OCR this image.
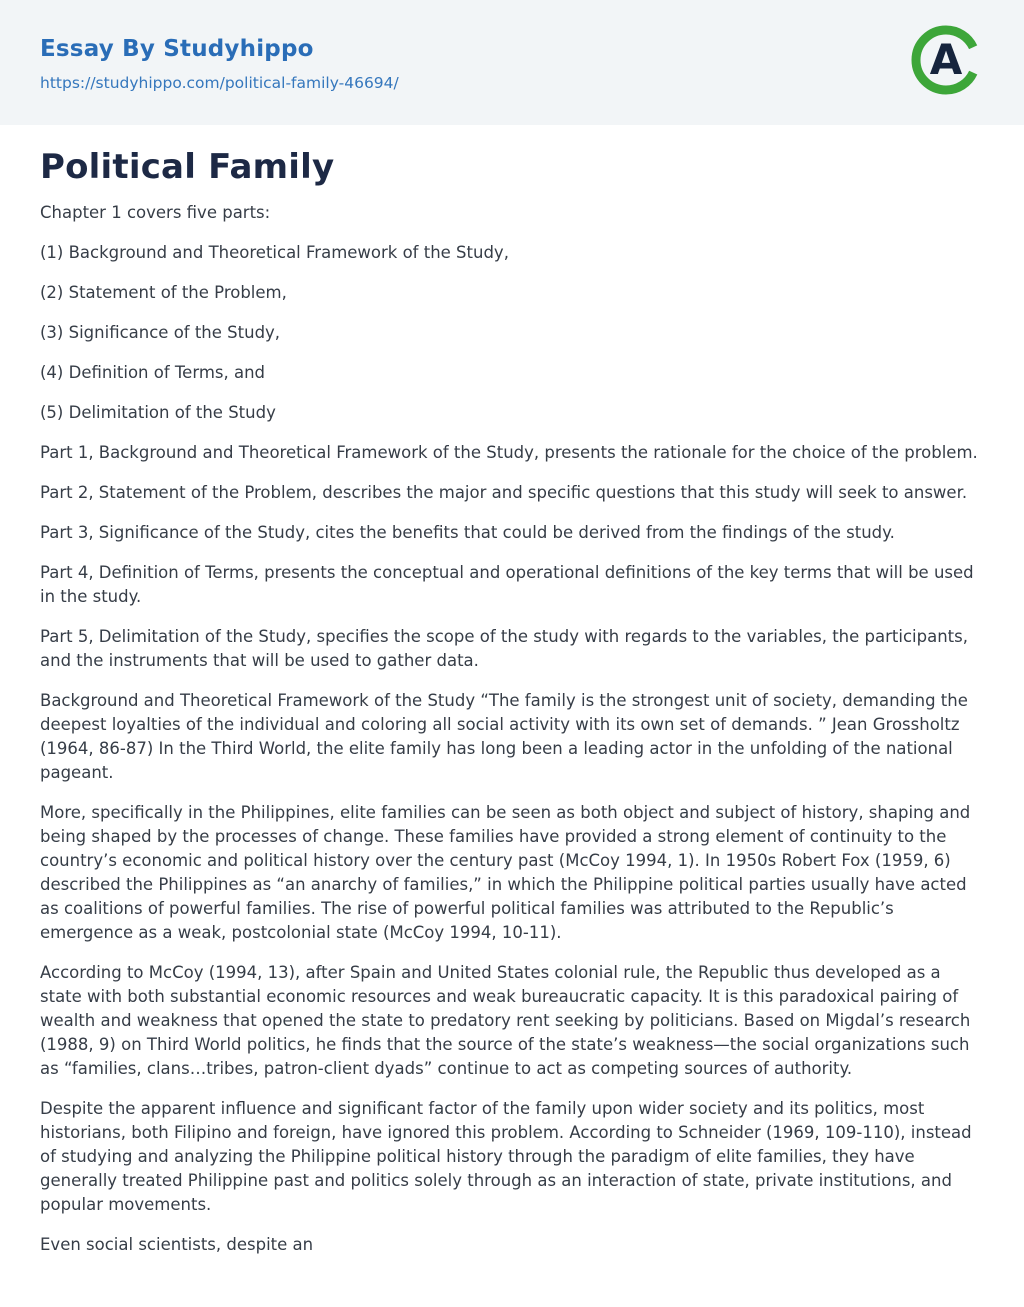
Essay By Studyhippo
https://studyhippo.com/political-family-46694/	A
Political Family

Chapter 1 covers five parts:

(1) Background and Theoretical Framework of the Study,

(2) Statement of the Problem,

(3) Significance of the Study,

(4) Definition of Terms, and

(5) Delimitation of the Study

Part 1, Background and Theoretical Framework of the Study, presents the rationale for the choice of the problem.

Part 2, Statement of the Problem, describes the major and specific questions that this study will seek to answer.

Part 3, Significance of the Study, cites the benefits that could be derived from the findings of the study.

Part 4, Definition of Terms, presents the conceptual and operational definitions of the key terms that will be used in the study.

Part 5, Delimitation of the Study, specifies the scope of the study with regards to the variables, the participants, and the instruments that will be used to gather data.

Background and Theoretical Framework of the Study “The family is the strongest unit of society, demanding the deepest loyalties of the individual and coloring all social activity with its own set of demands. ” Jean Grossholtz (1964, 86-87) In the Third World, the elite family has long been a leading actor in the unfolding of the national pageant.

More, specifically in the Philippines, elite families can be seen as both object and subject of history, shaping and being shaped by the processes of change. These families have provided a strong element of continuity to the country’s economic and political history over the century past (McCoy 1994, 1). In 1950s Robert Fox (1959, 6) described the Philippines as “an anarchy of families,” in which the Philippine political parties usually have acted as coalitions of powerful families. The rise of powerful political families was attributed to the Republic’s emergence as a weak, postcolonial state (McCoy 1994, 10-11).

According to McCoy (1994, 13), after Spain and United States colonial rule, the Republic thus developed as a state with both substantial economic resources and weak bureaucratic capacity. It is this paradoxical pairing of wealth and weakness that opened the state to predatory rent seeking by politicians. Based on Migdal’s research (1988, 9) on Third World politics, he finds that the source of the state’s weakness—the social organizations such as “families, clans…tribes, patron-client dyads” continue to act as competing sources of authority.

Despite the apparent influence and significant factor of the family upon wider society and its politics, most historians, both Filipino and foreign, have ignored this problem. According to Schneider (1969, 109-110), instead of studying and analyzing the Philippine political history through the paradigm of elite families, they have generally treated Philippine past and politics solely through as an interaction of state, private institutions, and popular movements.

Even social scientists, despite an
